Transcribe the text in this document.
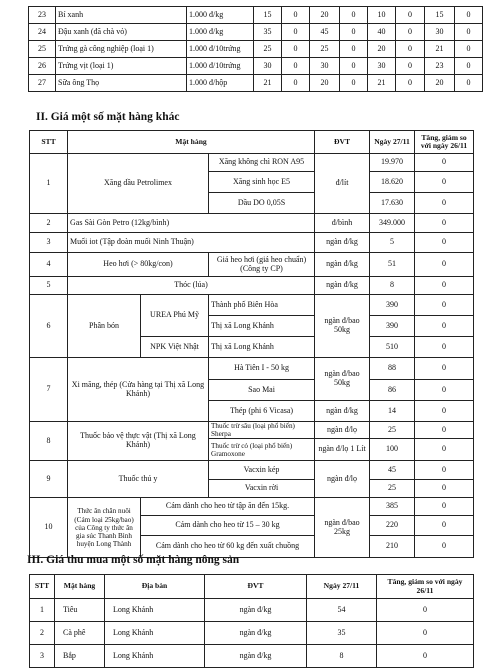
23	Bí xanh	1.000 đ/kg	15	0	20	0	10	0	15	0
24	Đậu xanh (đã chà vỏ)	1.000 đ/kg	35	0	45	0	40	0	30	0
25	Trứng gà công nghiệp (loại 1)	1.000 đ/10trứng	25	0	25	0	20	0	21	0
26	Trứng vịt (loại 1)	1.000 đ/10trứng	30	0	30	0	30	0	23	0
27	Sữa ông Thọ	1.000 đ/hộp	21	0	20	0	21	0	20	0
II. Giá một số mặt hàng khác
STT	Mặt hàng			ĐVT	Ngày 27/11	Tăng, giảm so với ngày 26/11
1	Xăng dầu Petrolimex		Xăng không chì RON A95	đ/lít	19.970	0
			Xăng sinh học E5		18.620	0
			Dầu DO 0,05S		17.630	0
2	Gas Sài Gòn Petro (12kg/bình)			đ/bình	349.000	0
3	Muối iot (Tập đoàn muối Ninh Thuận)			ngàn đ/kg	5	0
4	Heo hơi (> 80kg/con)		Giá heo hơi (giá heo chuẩn) (Công ty CP)	ngàn đ/kg	51	0
5	Thóc (lúa)			ngàn đ/kg	8	0
6	Phân bón	UREA Phú Mỹ	Thành phố Biên Hòa	ngàn đ/bao 50kg	390	0
			Thị xã Long Khánh		390	0
		NPK Việt Nhật	Thị xã Long Khánh		510	0
7	Xi măng, thép (Cửa hàng tại Thị xã Long Khánh)		Hà Tiên I - 50 kg	ngàn đ/bao 50kg	88	0
			Sao Mai		86	0
			Thép (phi 6 Vicasa)	ngàn đ/kg	14	0
8	Thuốc bảo vệ thực vật (Thị xã Long Khánh)		Thuốc trừ sâu (loại phổ biến) Sherpa	ngàn đ/lọ	25	0
			Thuốc trừ cỏ (loại phổ biến) Gramoxone	ngàn đ/lọ 1 Lít	100	0
9	Thuốc thú y		Vacxin kép	ngàn đ/lọ	45	0
			Vacxin rời		25	0
10	Thức ăn chăn nuôi (Cám loại 25kg/bao) của Công ty thức ăn gia súc Thanh Bình huyện Long Thành	Cám dành cho heo từ tập ăn đến 15kg.		ngàn đ/bao 25kg	385	0
		Cám dành cho heo từ 15 – 30 kg			220	0
		Cám dành cho heo từ 60 kg đến xuất chuồng			210	0
III. Giá thu mua một số mặt hàng nông sản
STT	Mặt hàng	Địa bàn	ĐVT	Ngày 27/11	Tăng, giảm so với ngày 26/11
1	Tiêu	Long Khánh	ngàn đ/kg	54	0
2	Cà phê	Long Khánh	ngàn đ/kg	35	0
3	Bắp	Long Khánh	ngàn đ/kg	8	0
